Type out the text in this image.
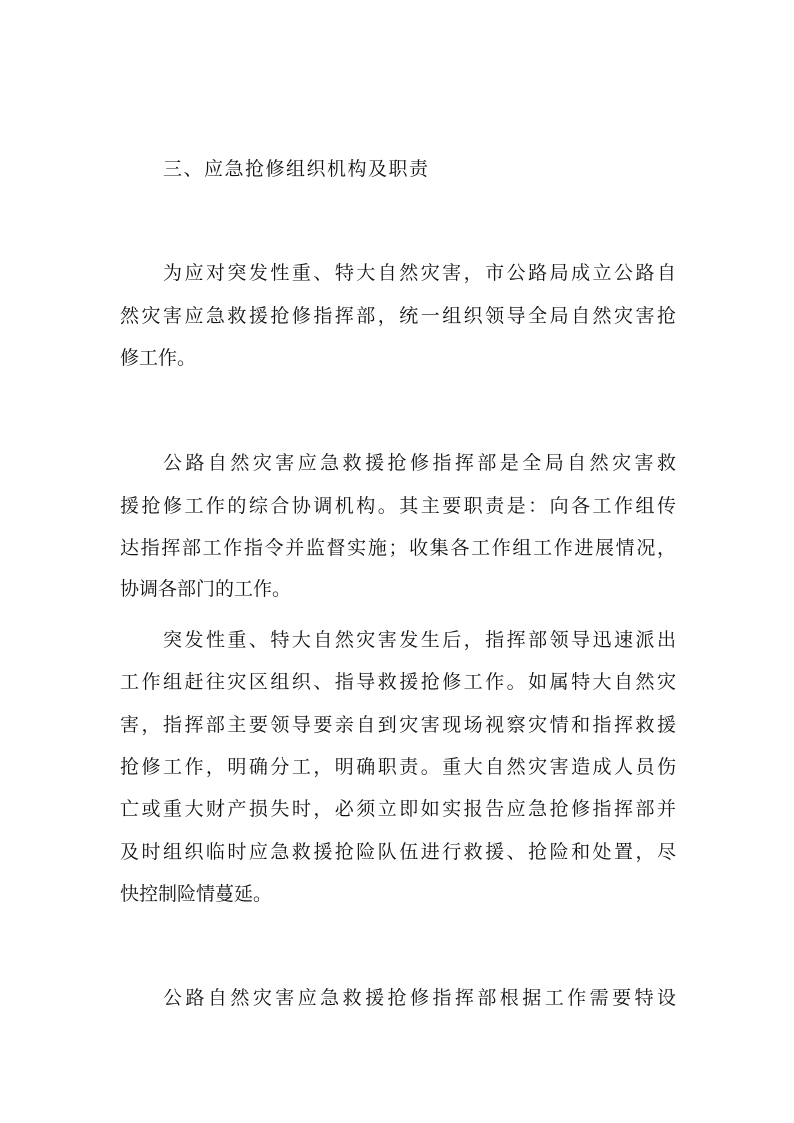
三、应急抢修组织机构及职责
为应对突发性重、特大自然灾害，市公路局成立公路自
然灾害应急救援抢修指挥部，统一组织领导全局自然灾害抢
修工作。
公路自然灾害应急救援抢修指挥部是全局自然灾害救
援抢修工作的综合协调机构。其主要职责是：向各工作组传
达指挥部工作指令并监督实施；收集各工作组工作进展情况，
协调各部门的工作。
突发性重、特大自然灾害发生后，指挥部领导迅速派出
工作组赶往灾区组织、指导救援抢修工作。如属特大自然灾
害，指挥部主要领导要亲自到灾害现场视察灾情和指挥救援
抢修工作，明确分工，明确职责。重大自然灾害造成人员伤
亡或重大财产损失时，必须立即如实报告应急抢修指挥部并
及时组织临时应急救援抢险队伍进行救援、抢险和处置，尽
快控制险情蔓延。
公路自然灾害应急救援抢修指挥部根据工作需要特设
